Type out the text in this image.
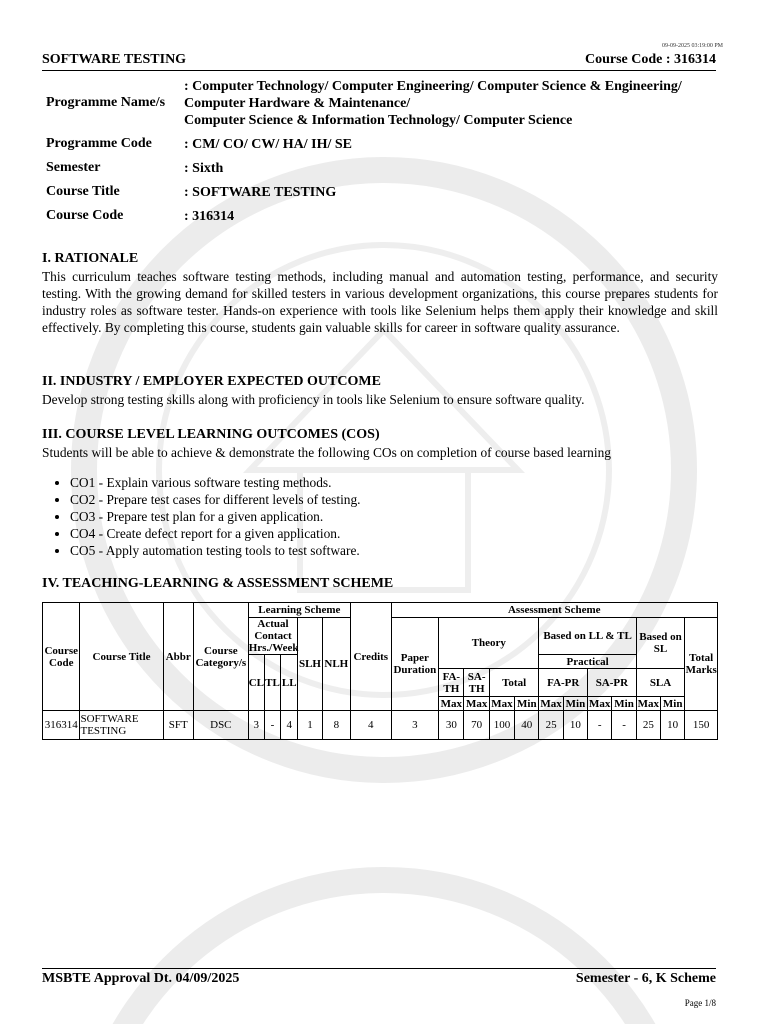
09-09-2025 03:19:00 PM
SOFTWARE TESTING	Course Code : 316314
Programme Name/s
: Computer Technology/ Computer Engineering/ Computer Science & Engineering/
Computer Hardware & Maintenance/
Computer Science & Information Technology/ Computer Science
Programme Code	: CM/ CO/ CW/ HA/ IH/ SE
Semester	: Sixth
Course Title	: SOFTWARE TESTING
Course Code	: 316314
I. RATIONALE
This curriculum teaches software testing methods, including manual and automation testing, performance, and security testing. With the growing demand for skilled testers in various development organizations, this course prepares students for industry roles as software tester. Hands-on experience with tools like Selenium helps them apply their knowledge and skill effectively. By completing this course, students gain valuable skills for career in software quality assurance.
II. INDUSTRY / EMPLOYER EXPECTED OUTCOME
Develop strong testing skills along with proficiency in tools like Selenium to ensure software quality.
III. COURSE LEVEL LEARNING OUTCOMES (COS)
Students will be able to achieve & demonstrate the following COs on completion of course based learning
• CO1 - Explain various software testing methods.
• CO2 - Prepare test cases for different levels of testing.
• CO3 - Prepare test plan for a given application.
• CO4 - Create defect report for a given application.
• CO5 - Apply automation testing tools to test software.
IV. TEACHING-LEARNING & ASSESSMENT SCHEME
Course Code	Course Title	Abbr	Course Category/s	Learning Scheme					Credits	Assessment Scheme											
				Actual Contact Hrs./Week			SLH	NLH		Paper Duration	Theory				Based on LL & TL				Based on SL		Total Marks
				CL	TL	LL									Practical						
											FA-TH	SA-TH	Total		FA-PR		SA-PR		SLA		
											Max	Max	Max	Min	Max	Min	Max	Min	Max	Min	
316314	SOFTWARE TESTING	SFT	DSC	3	-	4	1	8	4	3	30	70	100	40	25	10	-	-	25	10	150
MSBTE Approval Dt. 04/09/2025	Semester - 6, K Scheme
Page 1/8
